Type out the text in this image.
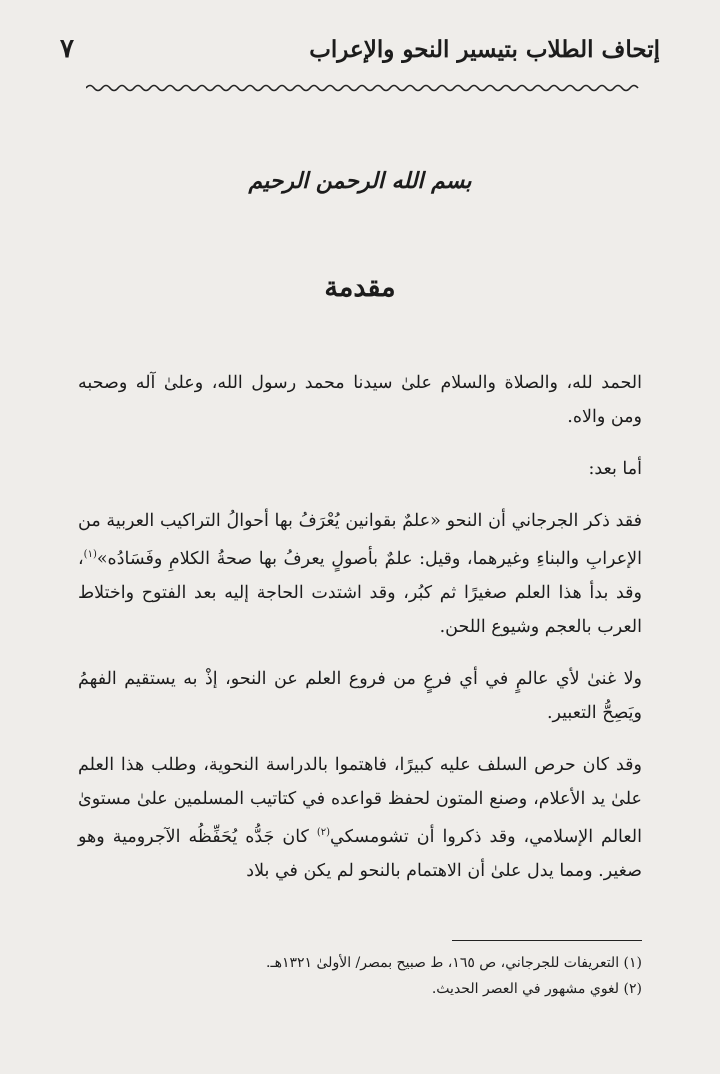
إتحاف الطلاب بتيسير النحو والإعراب
٧
بسم الله الرحمن الرحيم
مقدمة

الحمد لله، والصلاة والسلام علىٰ سيدنا محمد رسول الله، وعلىٰ آله وصحبه ومن والاه.

أما بعد:

فقد ذكر الجرجاني أن النحو «علمٌ بقوانين يُعْرَفُ بها أحوالُ التراكيب العربية من الإعرابِ والبناءِ وغيرهما، وقيل: علمٌ بأصولٍ يعرفُ بها صحةُ الكلامِ وفَسَادُه»$^{(١)}$، وقد بدأ هذا العلم صغيرًا ثم كبُر، وقد اشتدت الحاجة إليه بعد الفتوح واختلاط العرب بالعجم وشيوع اللحن.

ولا غنىٰ لأي عالمٍ في أي فرعٍ من فروع العلم عن النحو، إذْ به يستقيم الفهمُ ويَصِحُّ التعبير.

وقد كان حرص السلف عليه كبيرًا، فاهتموا بالدراسة النحوية، وطلب هذا العلم علىٰ يد الأعلام، وصنع المتون لحفظ قواعده في كتاتيب المسلمين علىٰ مستوىٰ العالم الإسلامي، وقد ذكروا أن تشومسكي$^{(٢)}$ كان جَدُّه يُحَفِّظُه الآجرومية وهو صغير. ومما يدل علىٰ أن الاهتمام بالنحو لم يكن في بلاد

(١) التعريفات للجرجاني، ص ١٦٥، ط صبيح بمصر/ الأولىٰ ١٣٢١هـ.
(٢) لغوي مشهور في العصر الحديث.
